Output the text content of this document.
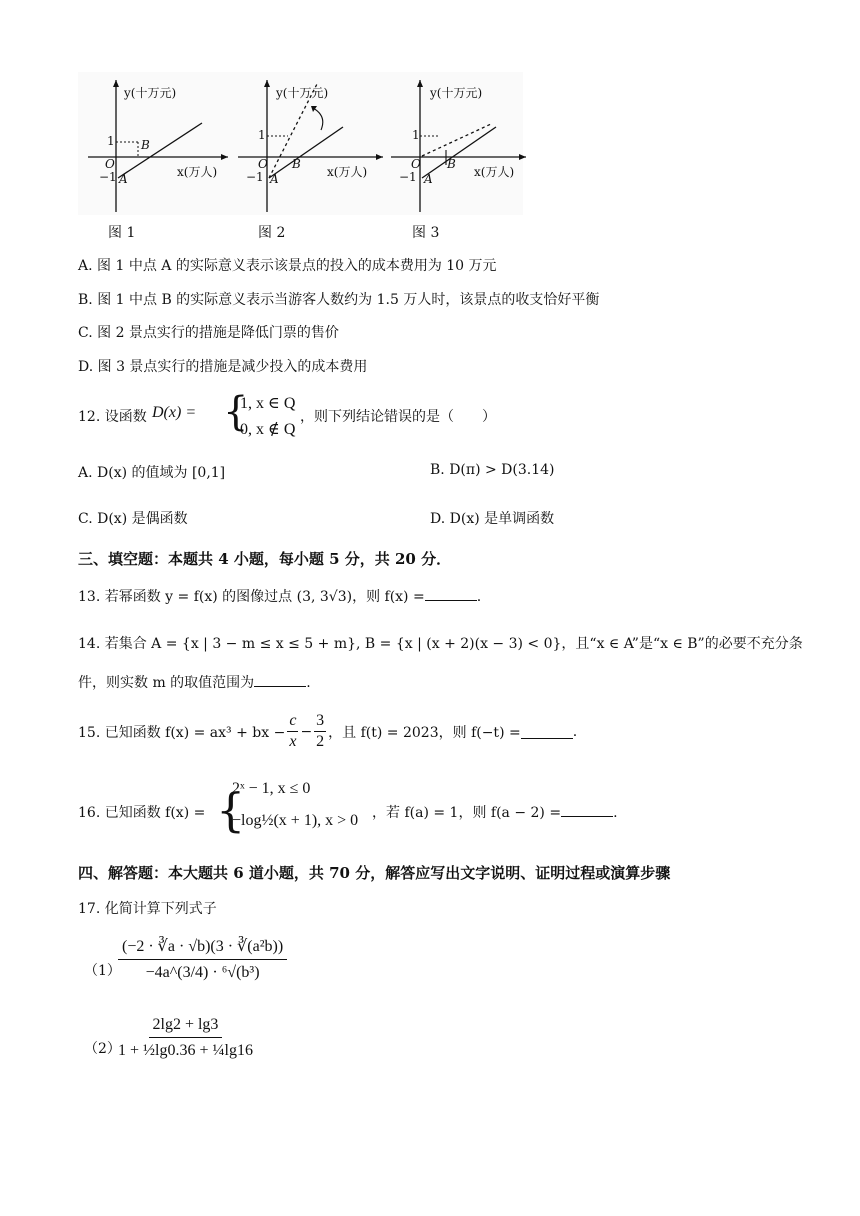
y(十万元)
x(万人)
1
−1
O
A
B
y(十万元)
x(万人)
1
−1
O
A
B
y(十万元)
x(万人)
1
−1
O
A
B
图 1	图 2	图 3
A. 图 1 中点 A 的实际意义表示该景点的投入的成本费用为 10 万元
B. 图 1 中点 B 的实际意义表示当游客人数约为 1.5 万人时，该景点的收支恰好平衡
C. 图 2 景点实行的措施是降低门票的售价
D. 图 3 景点实行的措施是减少投入的成本费用
12. 设函数 D(x) = {
1, x ∈ Q
0, x ∉ Q
，则下列结论错误的是（　　）
A. D(x) 的值域为 [0,1]	B. D(π) > D(3.14)
C. D(x) 是偶函数	D. D(x) 是单调函数
三、填空题：本题共 4 小题，每小题 5 分，共 20 分．
13. 若幂函数 y = f(x) 的图像过点 (3, 3√3)，则 f(x) =	.
14. 若集合 A = {x | 3 − m ≤ x ≤ 5 + m}, B = {x | (x + 2)(x − 3) < 0}，且“x ∈ A”是“x ∈ B”的必要不充分条
件，则实数 m 的取值范围为	.
15. 已知函数 f(x) = ax³ + bx − $\frac{c}{x} - \frac{3}{2}$ ，且 f(t) = 2023，则 f(−t) =	.
16. 已知函数 f(x) = {
2ˣ − 1, x ≤ 0
−log½(x + 1), x > 0 ，若 f(a) = 1，则 f(a − 2) =	.
四、解答题：本大题共 6 道小题，共 70 分，解答应写出文字说明、证明过程或演算步骤
17. 化简计算下列式子
（1）
$\frac{\text{(−2 · ∛a · √b)(3 · ∛(a²b))}}{\text{−4a\textasciicircum{}(3/4) · ⁶√(b³)}}$
（2）
$\frac{2\lg 2 + \lg 3}{\text{1 + ½lg0.36 + ¼lg16}}$
